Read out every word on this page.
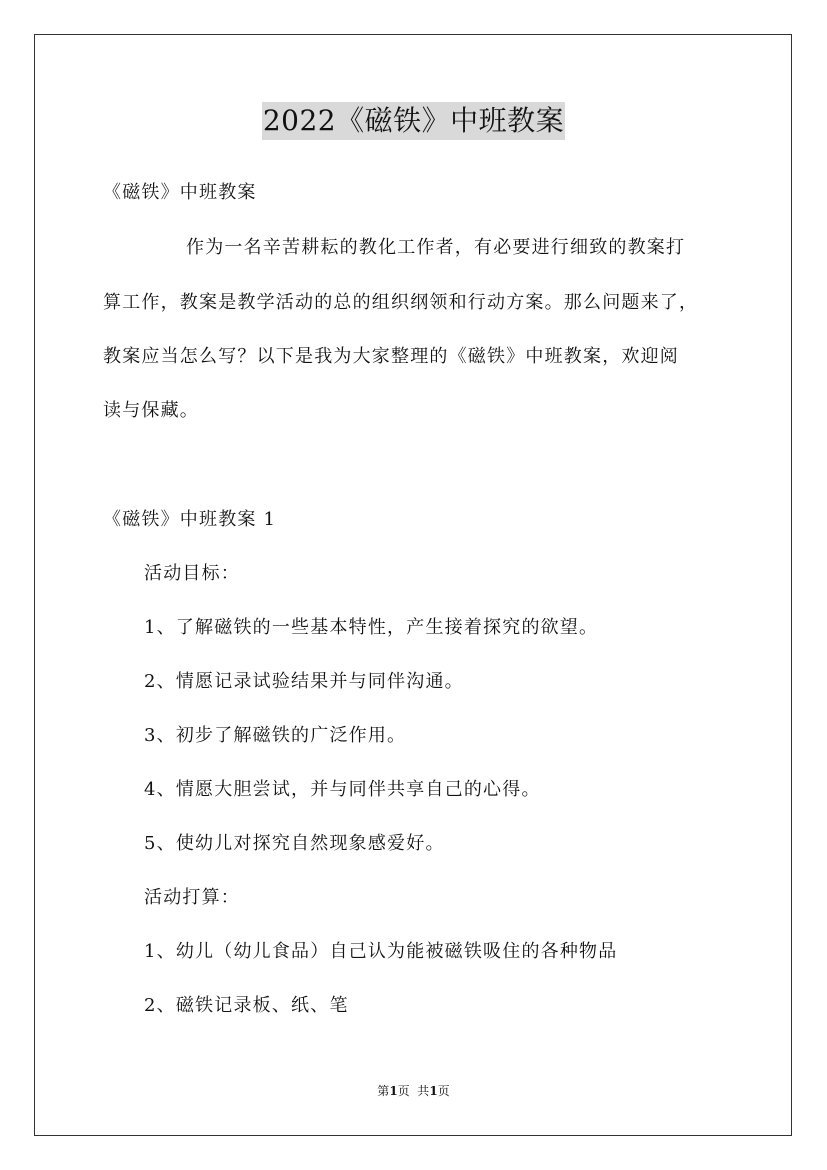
2022《磁铁》中班教案
《磁铁》中班教案
作为一名辛苦耕耘的教化工作者，有必要进行细致的教案打
算工作，教案是教学活动的总的组织纲领和行动方案。那么问题来了，
教案应当怎么写？以下是我为大家整理的《磁铁》中班教案，欢迎阅
读与保藏。
《磁铁》中班教案 1
活动目标：
1、了解磁铁的一些基本特性，产生接着探究的欲望。
2、情愿记录试验结果并与同伴沟通。
3、初步了解磁铁的广泛作用。
4、情愿大胆尝试，并与同伴共享自己的心得。
5、使幼儿对探究自然现象感爱好。
活动打算：
1、幼儿（幼儿食品）自己认为能被磁铁吸住的各种物品
2、磁铁记录板、纸、笔
第1页  共1页
